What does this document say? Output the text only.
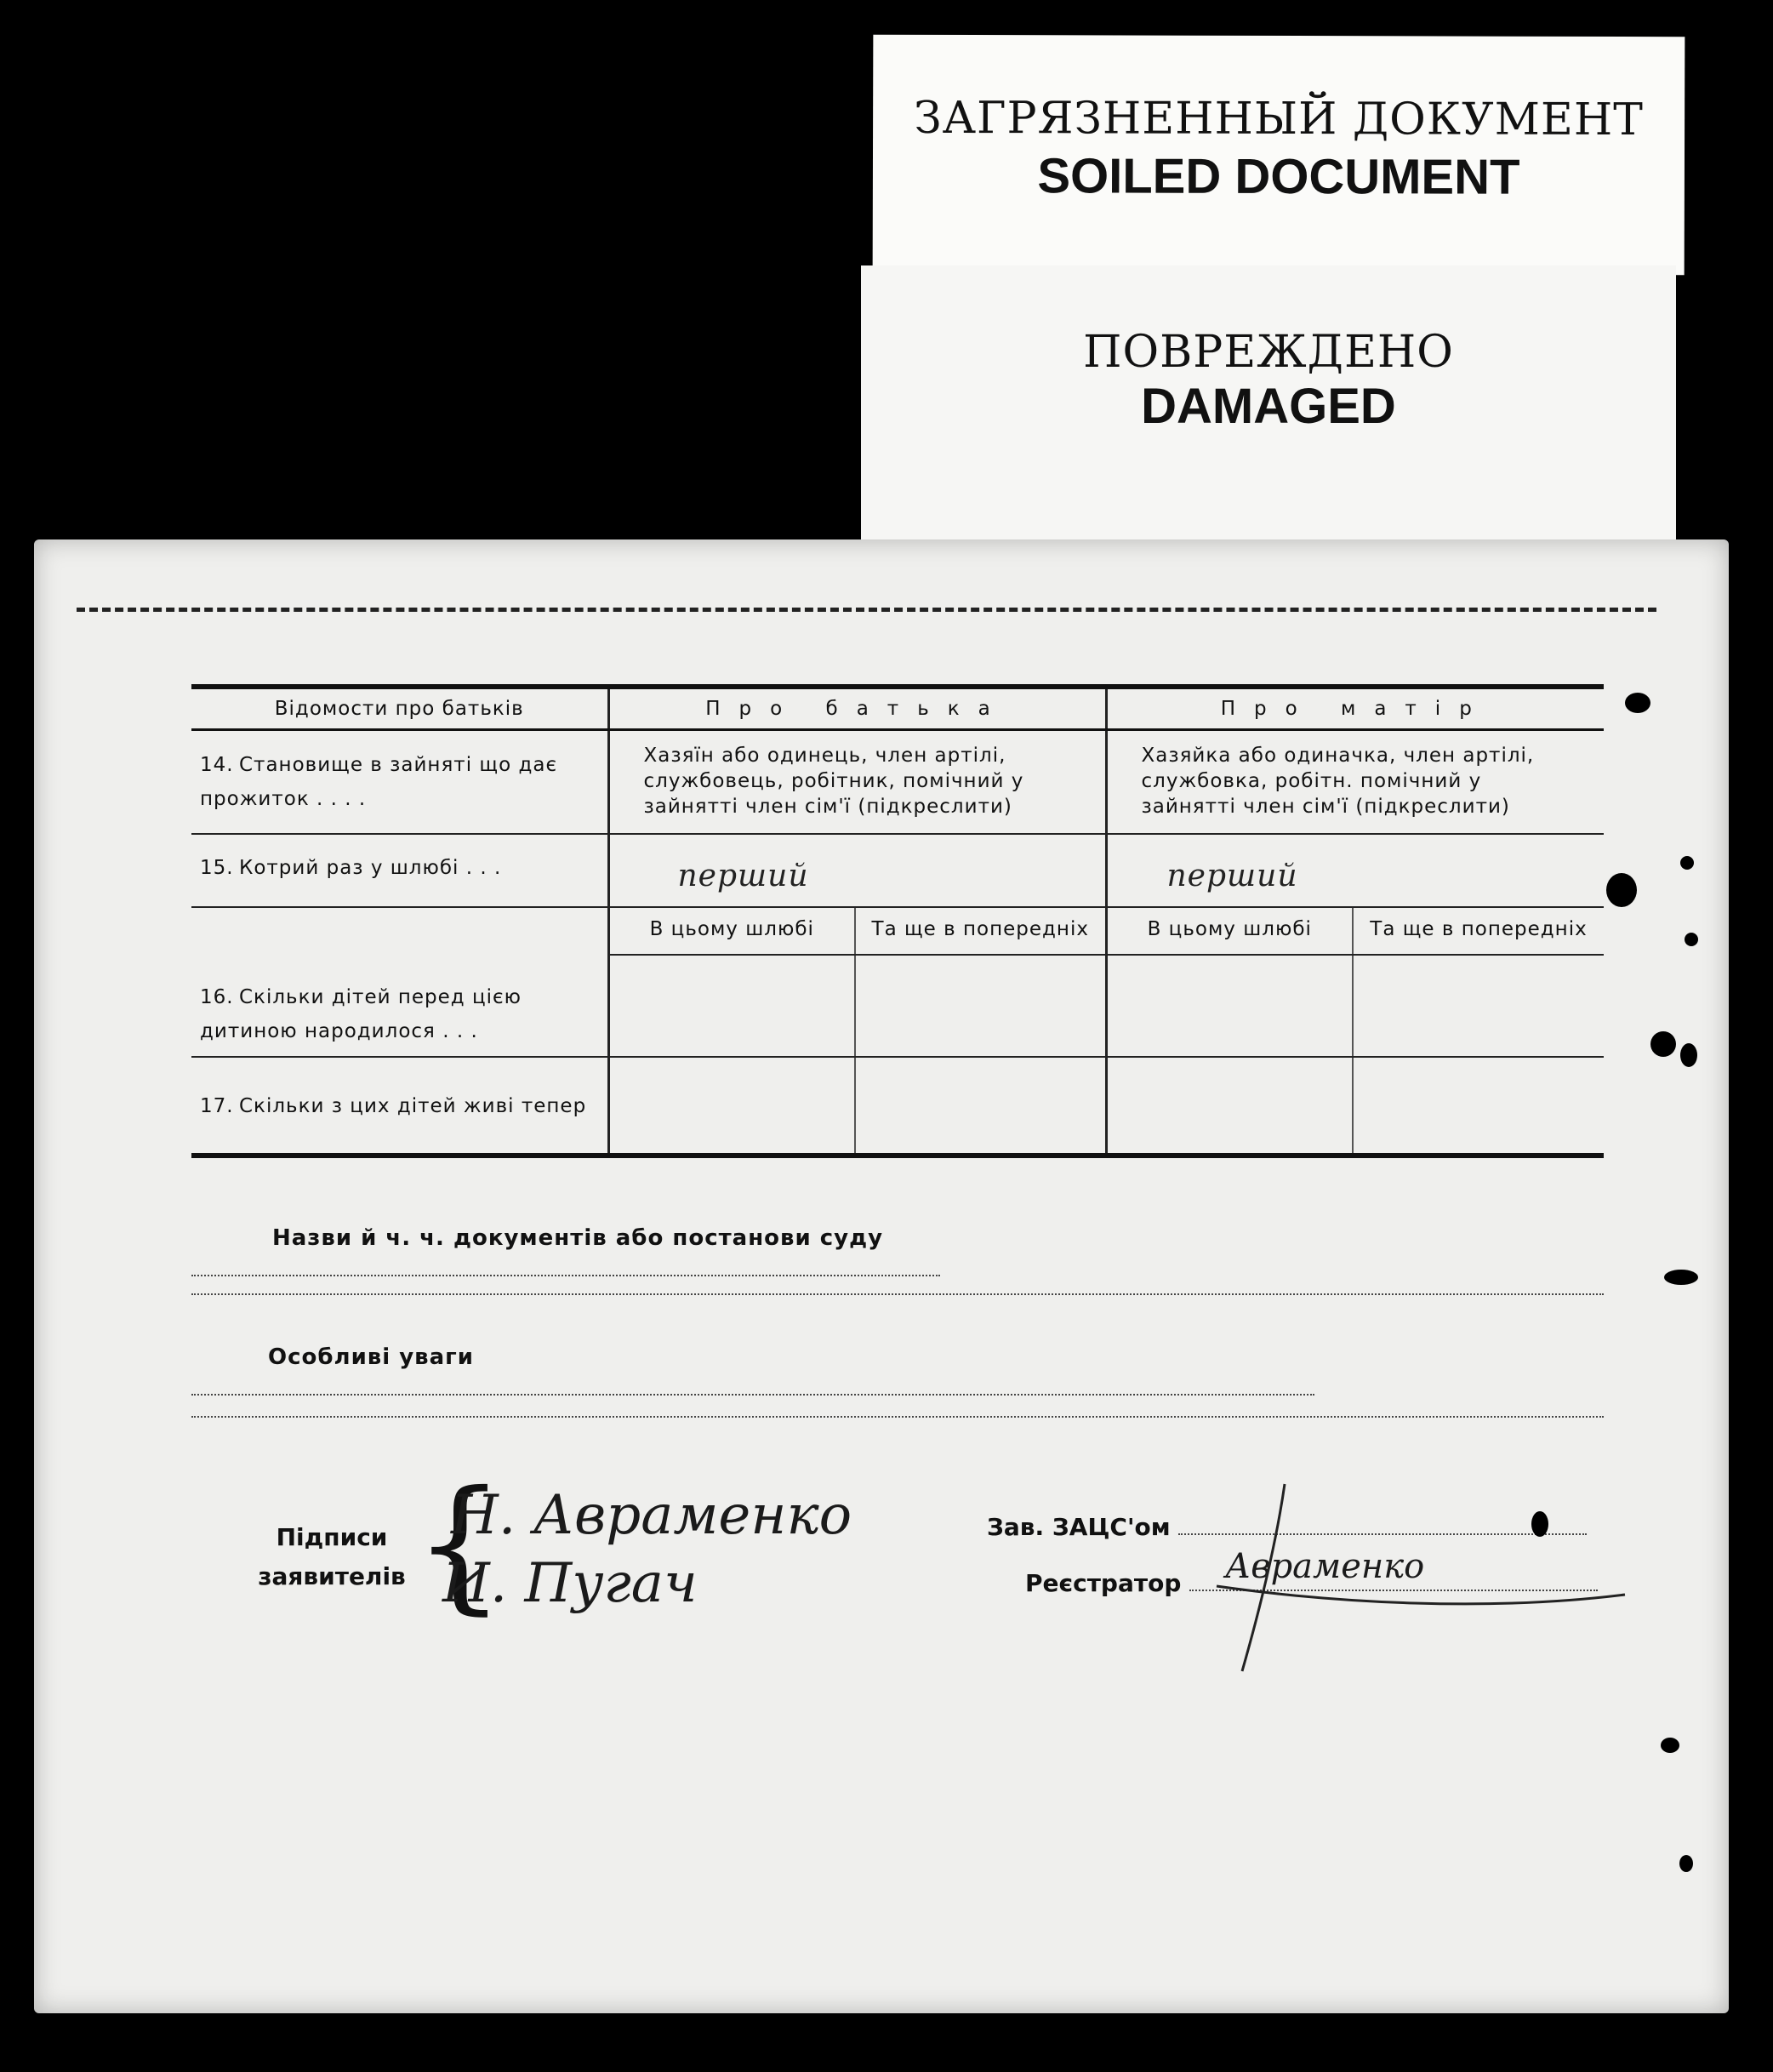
ЗАГРЯЗНЕННЫЙ ДОКУМЕНТ
SOILED DOCUMENT
ПОВРЕЖДЕНО
DAMAGED
Відомости про батьків	Про батька		Про матір	
14. Становище в зайняті що дає прожиток . . . .	Хазяїн або одинець, член артілі, службовець, робітник, помічний у зайнятті член сім'ї (підкреслити)		Хазяйка або одиначка, член артілі, службовка, робітн. помічний у зайнятті член сім'ї (підкреслити)	
15. Котрий раз у шлюбі . . .	перший		перший	
	В цьому шлюбі	Та ще в попередніх	В цьому шлюбі	Та ще в попередніх
16. Скільки дітей перед цією дитиною народилося . . .				
17. Скільки з цих дітей живі тепер				
Назви й ч. ч. документів або постанови суду
Особливі уваги
Підписи
заявителів {
Н. Авраменко
И. Пугач
Зав. ЗАЦС'ом
Реєстратор	Авраменко
